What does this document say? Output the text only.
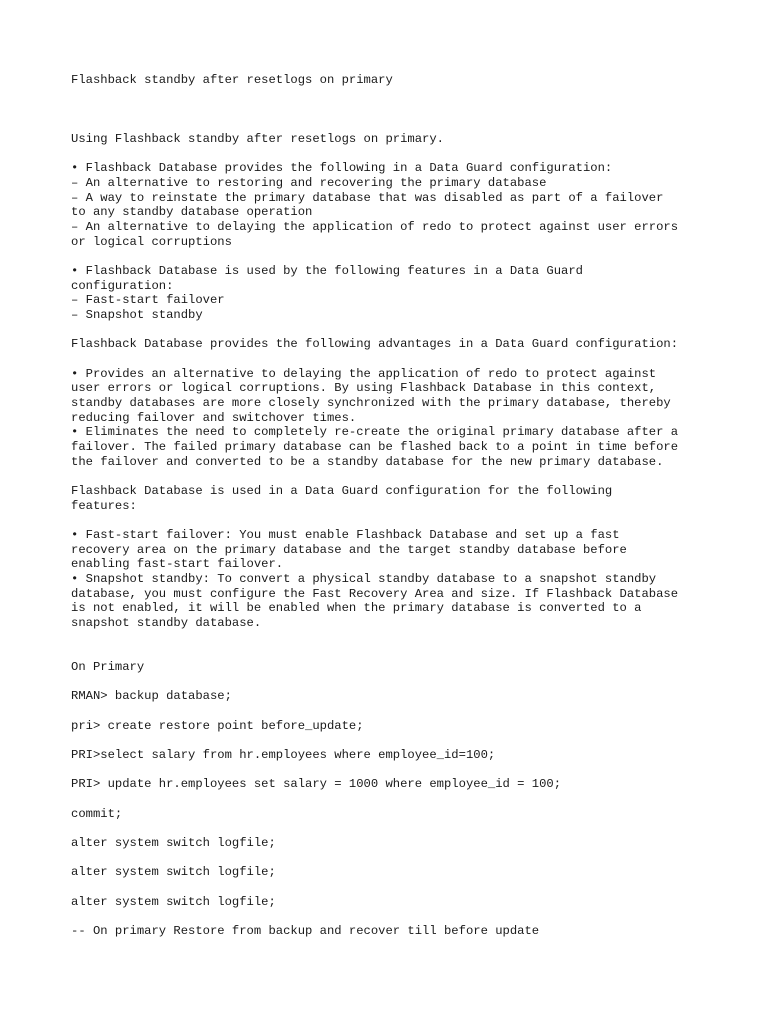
Flashback standby after resetlogs on primary
Using Flashback standby after resetlogs on primary.
• Flashback Database provides the following in a Data Guard configuration:
– An alternative to restoring and recovering the primary database
– A way to reinstate the primary database that was disabled as part of a failover
to any standby database operation
– An alternative to delaying the application of redo to protect against user errors
or logical corruptions
• Flashback Database is used by the following features in a Data Guard
configuration:
– Fast-start failover
– Snapshot standby
Flashback Database provides the following advantages in a Data Guard configuration:
• Provides an alternative to delaying the application of redo to protect against
user errors or logical corruptions. By using Flashback Database in this context,
standby databases are more closely synchronized with the primary database, thereby
reducing failover and switchover times.
• Eliminates the need to completely re-create the original primary database after a
failover. The failed primary database can be flashed back to a point in time before
the failover and converted to be a standby database for the new primary database.
Flashback Database is used in a Data Guard configuration for the following
features:
• Fast-start failover: You must enable Flashback Database and set up a fast
recovery area on the primary database and the target standby database before
enabling fast-start failover.
• Snapshot standby: To convert a physical standby database to a snapshot standby
database, you must configure the Fast Recovery Area and size. If Flashback Database
is not enabled, it will be enabled when the primary database is converted to a
snapshot standby database.
On Primary
RMAN> backup database;
pri> create restore point before_update;
PRI>select salary from hr.employees where employee_id=100;
PRI> update hr.employees set salary = 1000 where employee_id = 100;
commit;
alter system switch logfile;
alter system switch logfile;
alter system switch logfile;
-- On primary Restore from backup and recover till before update
